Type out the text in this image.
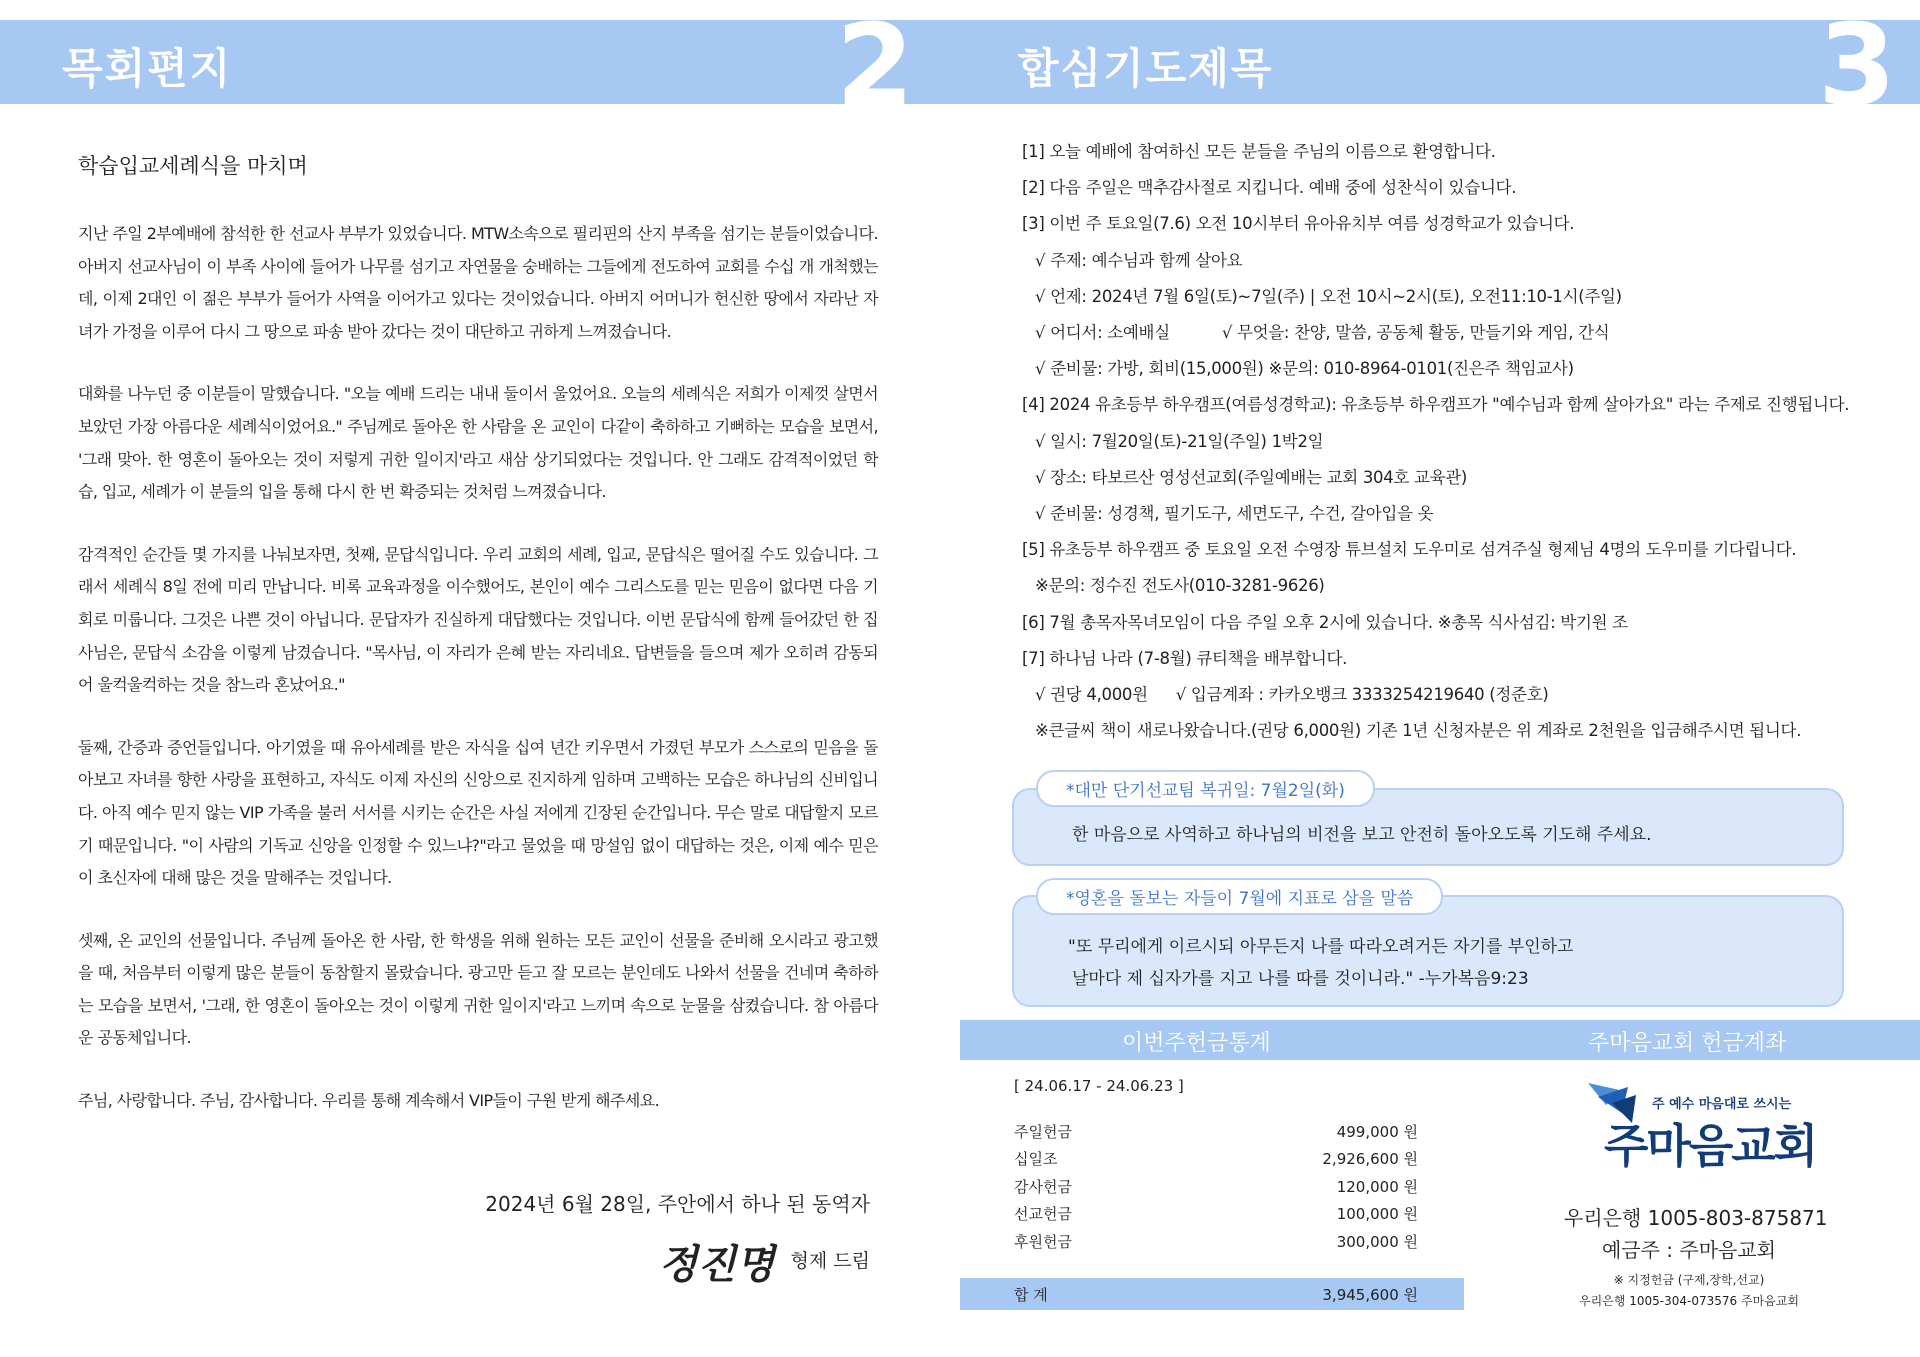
목회편지	2 합심기도제목	3
학습입교세례식을 마치며

지난 주일 2부예배에 참석한 한 선교사 부부가 있었습니다. MTW소속으로 필리핀의 산지 부족을 섬기는 분들이었습니다. 아버지 선교사님이 이 부족 사이에 들어가 나무를 섬기고 자연물을 숭배하는 그들에게 전도하여 교회를 수십 개 개척했는데, 이제 2대인 이 젊은 부부가 들어가 사역을 이어가고 있다는 것이었습니다. 아버지 어머니가 헌신한 땅에서 자라난 자녀가 가정을 이루어 다시 그 땅으로 파송 받아 갔다는 것이 대단하고 귀하게 느껴졌습니다.

대화를 나누던 중 이분들이 말했습니다. "오늘 예배 드리는 내내 둘이서 울었어요. 오늘의 세례식은 저희가 이제껏 살면서 보았던 가장 아름다운 세례식이었어요." 주님께로 돌아온 한 사람을 온 교인이 다같이 축하하고 기뻐하는 모습을 보면서, '그래 맞아. 한 영혼이 돌아오는 것이 저렇게 귀한 일이지'라고 새삼 상기되었다는 것입니다. 안 그래도 감격적이었던 학습, 입교, 세례가 이 분들의 입을 통해 다시 한 번 확증되는 것처럼 느껴졌습니다.

감격적인 순간들 몇 가지를 나눠보자면, 첫째, 문답식입니다. 우리 교회의 세례, 입교, 문답식은 떨어질 수도 있습니다. 그래서 세례식 8일 전에 미리 만납니다. 비록 교육과정을 이수했어도, 본인이 예수 그리스도를 믿는 믿음이 없다면 다음 기회로 미룹니다. 그것은 나쁜 것이 아닙니다. 문답자가 진실하게 대답했다는 것입니다. 이번 문답식에 함께 들어갔던 한 집사님은, 문답식 소감을 이렇게 남겼습니다. "목사님, 이 자리가 은혜 받는 자리네요. 답변들을 들으며 제가 오히려 감동되어 울컥울컥하는 것을 참느라 혼났어요."

둘째, 간증과 증언들입니다. 아기였을 때 유아세례를 받은 자식을 십여 년간 키우면서 가졌던 부모가 스스로의 믿음을 돌아보고 자녀를 향한 사랑을 표현하고, 자식도 이제 자신의 신앙으로 진지하게 임하며 고백하는 모습은 하나님의 신비입니다. 아직 예수 믿지 않는 VIP 가족을 불러 서서를 시키는 순간은 사실 저에게 긴장된 순간입니다. 무슨 말로 대답할지 모르기 때문입니다. "이 사람의 기독교 신앙을 인정할 수 있느냐?"라고 물었을 때 망설임 없이 대답하는 것은, 이제 예수 믿은 이 초신자에 대해 많은 것을 말해주는 것입니다.

셋째, 온 교인의 선물입니다. 주님께 돌아온 한 사람, 한 학생을 위해 원하는 모든 교인이 선물을 준비해 오시라고 광고했을 때, 처음부터 이렇게 많은 분들이 동참할지 몰랐습니다. 광고만 듣고 잘 모르는 분인데도 나와서 선물을 건네며 축하하는 모습을 보면서, '그래, 한 영혼이 돌아오는 것이 이렇게 귀한 일이지'라고 느끼며 속으로 눈물을 삼켰습니다. 참 아름다운 공동체입니다.

주님, 사랑합니다. 주님, 감사합니다. 우리를 통해 계속해서 VIP들이 구원 받게 해주세요.

2024년 6월 28일, 주안에서 하나 된 동역자
정진명 형제 드림
[1] 오늘 예배에 참여하신 모든 분들을 주님의 이름으로 환영합니다.
[2] 다음 주일은 맥추감사절로 지킵니다. 예배 중에 성찬식이 있습니다.
[3] 이번 주 토요일(7.6) 오전 10시부터 유아유치부 여름 성경학교가 있습니다.
√ 주제: 예수님과 함께 살아요
√ 언제: 2024년 7월 6일(토)~7일(주) | 오전 10시~2시(토), 오전11:10-1시(주일)
√ 어디서: 소예배실	√ 무엇을: 찬양, 말씀, 공동체 활동, 만들기와 게임, 간식
√ 준비물: 가방, 회비(15,000원) ※문의: 010-8964-0101(진은주 책임교사)
[4] 2024 유초등부 하우캠프(여름성경학교): 유초등부 하우캠프가 "예수님과 함께 살아가요" 라는 주제로 진행됩니다.
√ 일시: 7월20일(토)-21일(주일) 1박2일
√ 장소: 타보르산 영성선교회(주일예배는 교회 304호 교육관)
√ 준비물: 성경책, 필기도구, 세면도구, 수건, 갈아입을 옷
[5] 유초등부 하우캠프 중 토요일 오전 수영장 튜브설치 도우미로 섬겨주실 형제님 4명의 도우미를 기다립니다.
※문의: 정수진 전도사(010-3281-9626)
[6] 7월 총목자목녀모임이 다음 주일 오후 2시에 있습니다. ※총목 식사섬김: 박기원 조
[7] 하나님 나라 (7-8월) 큐티책을 배부합니다.
√ 권당 4,000원 √ 입금계좌 : 카카오뱅크 3333254219640 (정준호)
※큰글씨 책이 새로나왔습니다.(권당 6,000원) 기존 1년 신청자분은 위 계좌로 2천원을 입금해주시면 됩니다.
*대만 단기선교팀 복귀일: 7월2일(화)
한 마음으로 사역하고 하나님의 비전을 보고 안전히 돌아오도록 기도해 주세요.
*영혼을 돌보는 자들이 7월에 지표로 삼을 말씀
"또 무리에게 이르시되 아무든지 나를 따라오려거든 자기를 부인하고
날마다 제 십자가를 지고 나를 따를 것이니라." -누가복음9:23
이번주헌금통계	주마음교회 헌금계좌
[ 24.06.17 - 24.06.23 ]
주일헌금	499,000 원
십일조	2,926,600 원
감사헌금	120,000 원
선교헌금	100,000 원
후원헌금	300,000 원
합 계	3,945,600 원
주 예수 마음대로 쓰시는
주마음교회
우리은행 1005-803-875871
예금주 : 주마음교회
※ 지정헌금 (구제,장학,선교)
우리은행 1005-304-073576 주마음교회
